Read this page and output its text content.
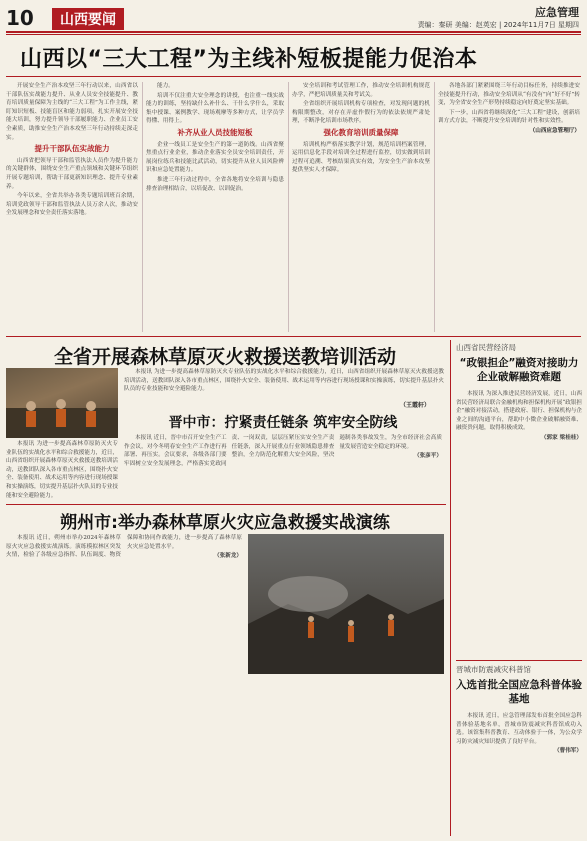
10	山西要闻	应急管理
责编：秦研 美编：赵英宏 | 2024年11月7日 星期四
山西以“三大工程”为主线补短板提能力促治本

开展安全生产治本攻坚三年行动以来，山西省以干部队伍实战能力提升、从业人员安全技能提升、教育培训质量保障为主线的“三大工程”为工作主线，紧盯知识短板、技能盲区和能力弱项，扎实开展安全技能大培训，努力提升领导干部履职能力、企业员工安全素质，助推安全生产治本攻坚三年行动持续走深走实。

提升干部队伍实战能力

山西省把领导干部和监管执法人员作为提升能力的关键群体，围绕安全生产重点领域和关键环节组织开展专题培训，帮助干部更新知识理念、提升专业素养。

今年以来，全省共举办各类专题培训班百余期，培训党政领导干部和监管执法人员万余人次，推动安全发展理念和安全责任落实落地。

能力。

培训不仅注重大安全理念的讲授，也注重一线实战能力的训练，坚持缺什么补什么、干什么学什么，采取集中授课、案例教学、现场观摩等多种方式，让学员学得懂、用得上。

补齐从业人员技能短板

企业一线员工是安全生产的第一道防线。山西省聚焦重点行业企业，推动企业落实全员安全培训责任，开展岗位练兵和技能比武活动，切实提升从业人员风险辨识和应急处置能力。

推进三年行动过程中，全省各地将安全培训与隐患排查治理相结合，以培促改、以训促治。

安全培训和考试管理工作，推动安全培训机构规范办学，严把培训质量关和考试关。

全省组织开展培训机构专项检查，对发现问题的机构限期整改，对存在弄虚作假行为的依法依规严肃处理，不断净化培训市场秩序。

强化教育培训质量保障

培训机构严格落实教学计划，规范培训档案管理，运用信息化手段对培训全过程进行监控，切实做到培训过程可追溯、考核结果真实有效，为安全生产治本攻坚提供坚实人才保障。

各地各部门紧紧围绕三年行动目标任务，持续推进安全技能提升行动，推动安全培训从“有没有”向“好不好”转变，为全省安全生产形势持续稳定向好奠定坚实基础。

下一步，山西省将继续深化“三大工程”建设，创新培训方式方法，不断提升安全培训的针对性和实效性。

（山西应急管理厅）
全省开展森林草原灭火救援送教培训活动

本报讯 为进一步提高森林草原防灭火专业队伍的实战化水平和综合救援能力，近日，山西省组织开展森林草原灭火救援送教培训活动，送教团队深入各市重点林区，围绕扑火安全、装备使用、战术运用等内容进行现场授课和实操演练，切实提升基层扑火队员的专业技能和安全避险能力。

本报讯 为进一步提高森林草原防灭火专业队伍的实战化水平和综合救援能力，近日，山西省组织开展森林草原灭火救援送教培训活动，送教团队深入各市重点林区，围绕扑火安全、装备使用、战术运用等内容进行现场授课和实操演练，切实提升基层扑火队员的专业技能和安全避险能力。

（王霞轩）
晋中市：拧紧责任链条 筑牢安全防线

本报讯 近日，晋中市召开安全生产工作会议，对今冬明春安全生产工作进行再部署、再压实。会议要求，各级各部门要牢固树立安全发展理念，严格落实党政同责、一岗双责，层层压紧压实安全生产责任链条，深入开展重点行业领域隐患排查整治，全力防范化解重大安全风险，坚决遏制各类事故发生，为全市经济社会高质量发展营造安全稳定的环境。

（张彦平）
朔州市:举办森林草原火灾应急救援实战演练

本报讯 近日，朔州市举办2024年森林草原火灾应急救援实战演练。演练模拟林区突发火情，检验了各级应急指挥、队伍调度、物资保障和协同作战能力，进一步提高了森林草原火灾应急处置水平。

（张新龙）
山西省民营经济局
“政银担企”融资对接助力企业破解融资难题

本报讯 为深入推进民营经济发展，近日，山西省民营经济局联合金融机构和担保机构开展“政银担企”融资对接活动，搭建政府、银行、担保机构与企业之间的沟通平台，帮助中小微企业破解融资难、融资贵问题，取得积极成效。

（郭家 梁桂桂）
晋城市防震减灾科普馆
入选首批全国应急科普体验基地

本报讯 近日，应急管理部发布首批全国应急科普体验基地名单，晋城市防震减灾科普馆成功入选。该馆集科普教育、互动体验于一体，为公众学习防灾减灾知识提供了良好平台。

（曹伟军）
